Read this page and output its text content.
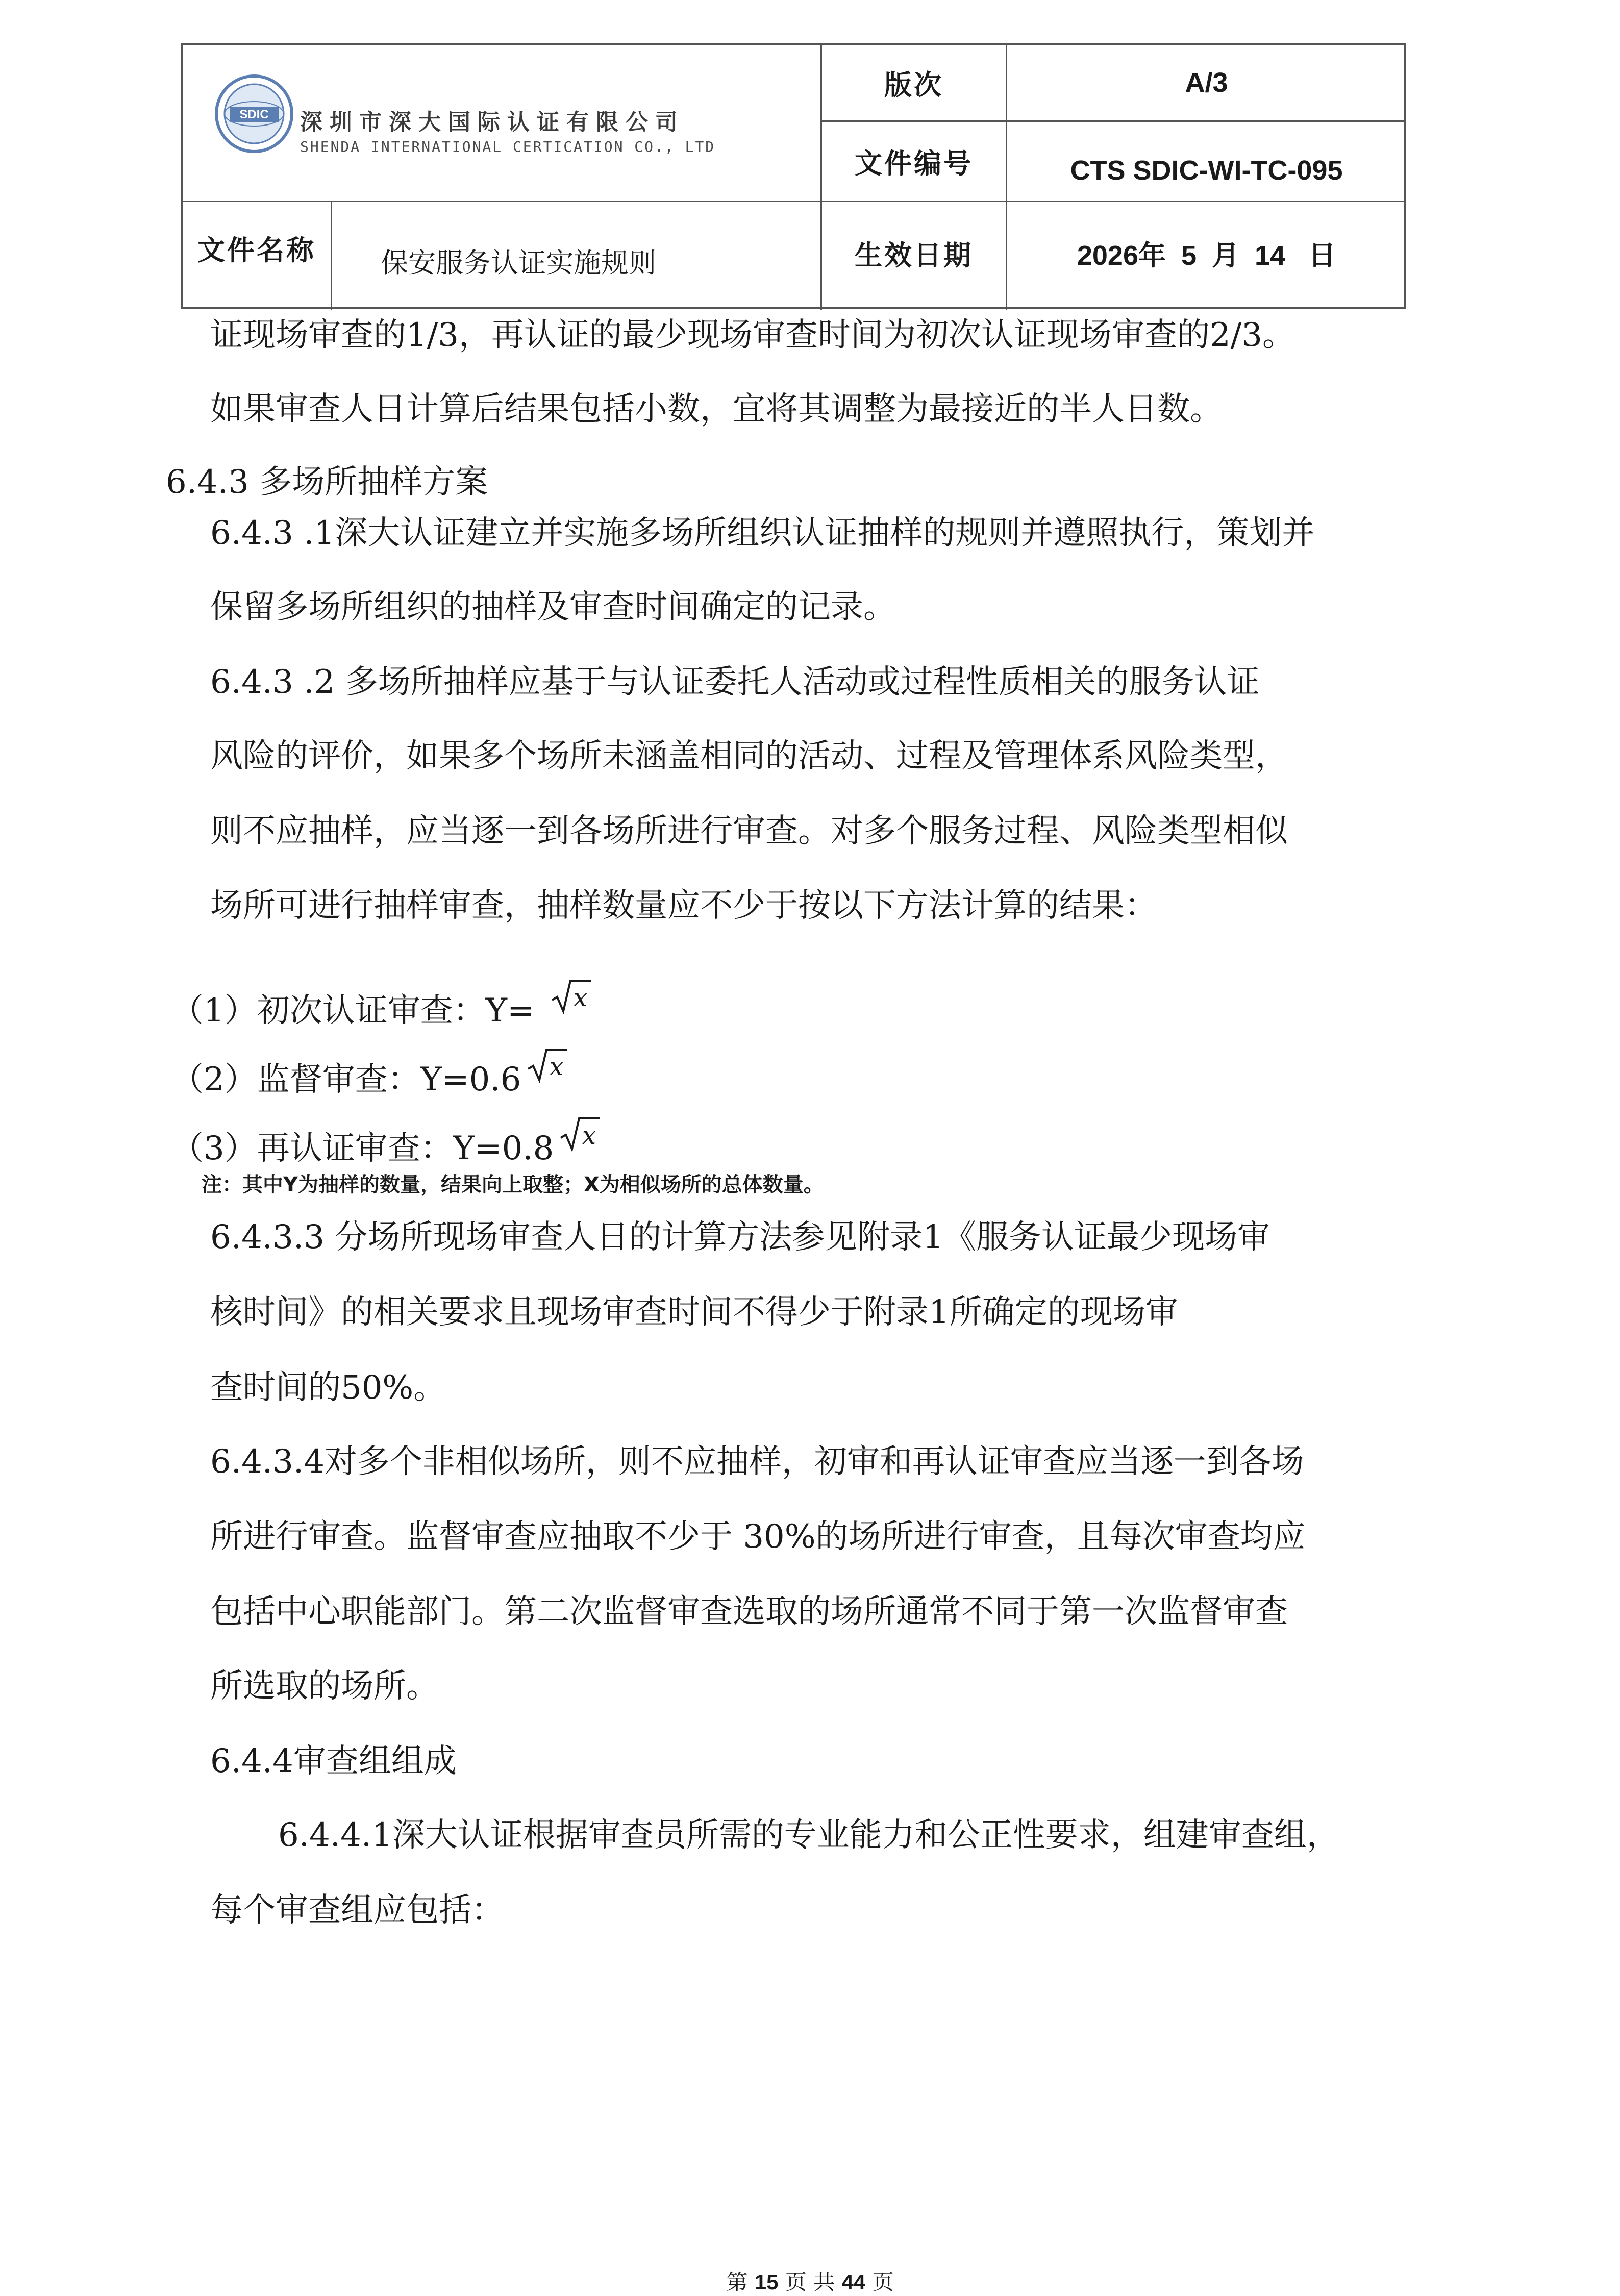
SDIC 深圳市深大国际认证有限公司
SHENDA INTERNATIONAL CERTICATION CO., LTD
版次	A/3
文件编号	CTS SDIC-WI-TC-095
文件名称	保安服务认证实施规则	生效日期	2026年  5  月  14   日
证现场审查的1/3，再认证的最少现场审查时间为初次认证现场审查的2/3。
如果审查人日计算后结果包括小数，宜将其调整为最接近的半人日数。
6.4.3 多场所抽样方案
6.4.3 .1深大认证建立并实施多场所组织认证抽样的规则并遵照执行，策划并
保留多场所组织的抽样及审查时间确定的记录。
6.4.3 .2 多场所抽样应基于与认证委托人活动或过程性质相关的服务认证
风险的评价，如果多个场所未涵盖相同的活动、过程及管理体系风险类型，
则不应抽样，应当逐一到各场所进行审查。对多个服务过程、风险类型相似
场所可进行抽样审查，抽样数量应不少于按以下方法计算的结果：
（1）初次认证审查：Y= x
（2）监督审查：Y=0.6 x
（3）再认证审查：Y=0.8 x
注：其中Y为抽样的数量，结果向上取整；X为相似场所的总体数量。
6.4.3.3 分场所现场审查人日的计算方法参见附录1《服务认证最少现场审
核时间》的相关要求且现场审查时间不得少于附录1所确定的现场审
查时间的50%。
6.4.3.4对多个非相似场所，则不应抽样，初审和再认证审查应当逐一到各场
所进行审查。监督审查应抽取不少于 30%的场所进行审查，且每次审查均应
包括中心职能部门。第二次监督审查选取的场所通常不同于第一次监督审查
所选取的场所。
6.4.4审查组组成
6.4.4.1深大认证根据审查员所需的专业能力和公正性要求，组建审查组，
每个审查组应包括：
第 15 页 共 44 页
